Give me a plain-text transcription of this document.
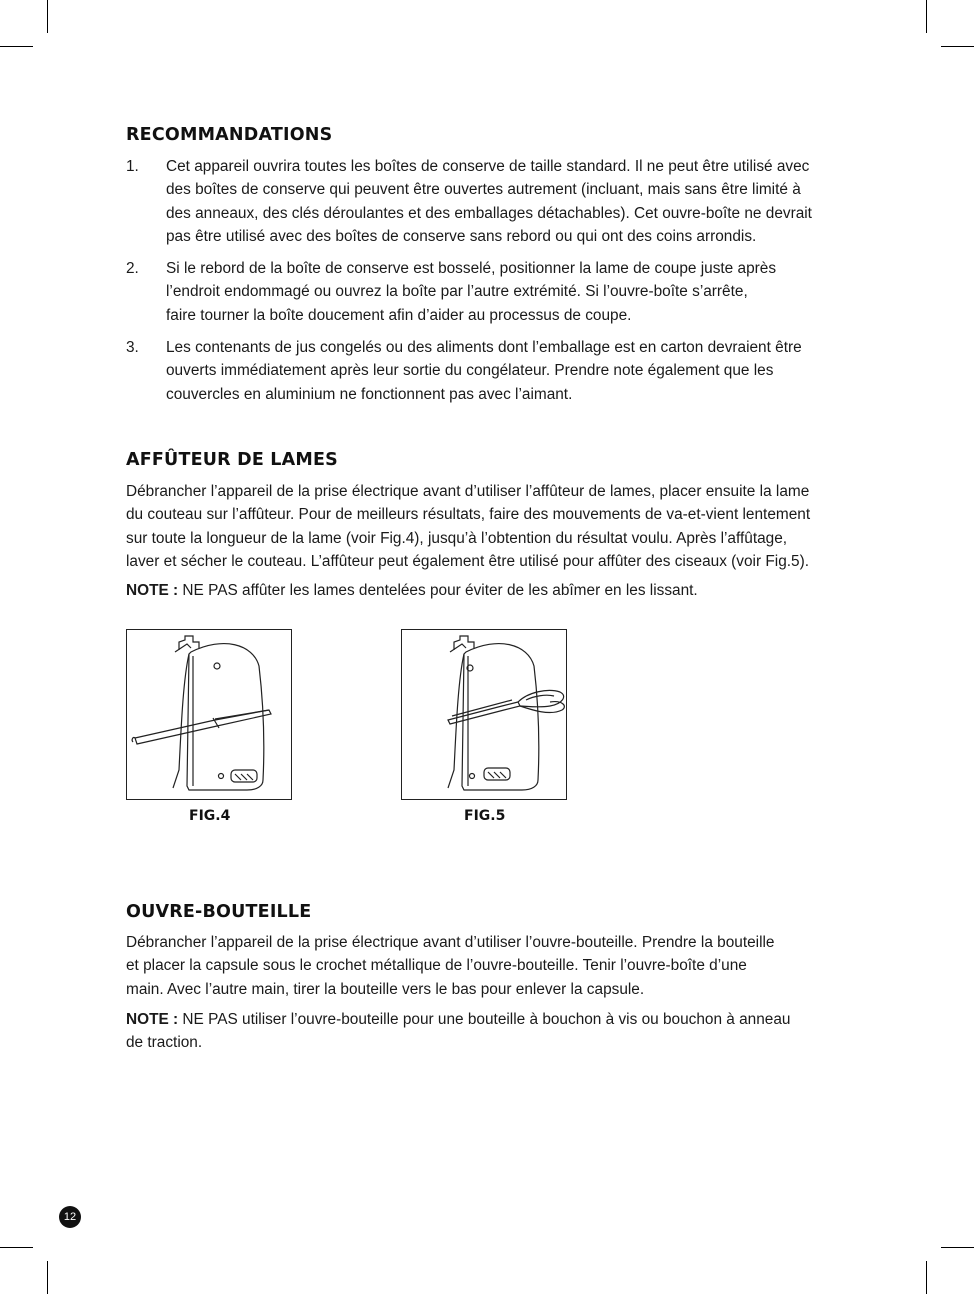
RECOMMANDATIONS
1. Cet appareil ouvrira toutes les boîtes de conserve de taille standard. Il ne peut être utilisé avec
des boîtes de conserve qui peuvent être ouvertes autrement (incluant, mais sans être limité à
des anneaux, des clés déroulantes et des emballages détachables). Cet ouvre-boîte ne devrait
pas être utilisé avec des boîtes de conserve sans rebord ou qui ont des coins arrondis.
2. Si le rebord de la boîte de conserve est bosselé, positionner la lame de coupe juste après
l’endroit endommagé ou ouvrez la boîte par l’autre extrémité. Si l’ouvre-boîte s’arrête,
faire tourner la boîte doucement afin d’aider au processus de coupe.
3. Les contenants de jus congelés ou des aliments dont l’emballage est en carton devraient être
ouverts immédiatement après leur sortie du congélateur. Prendre note également que les
couvercles en aluminium ne fonctionnent pas avec l’aimant.
AFFÛTEUR DE LAMES

Débrancher l’appareil de la prise électrique avant d’utiliser l’affûteur de lames, placer ensuite la lame
du couteau sur l’affûteur. Pour de meilleurs résultats, faire des mouvements de va-et-vient lentement
sur toute la longueur de la lame (voir Fig.4), jusqu’à l’obtention du résultat voulu. Après l’affûtage,
laver et sécher le couteau. L’affûteur peut également être utilisé pour affûter des ciseaux (voir Fig.5).

NOTE : NE PAS affûter les lames dentelées pour éviter de les abîmer en les lissant.

FIG.4	FIG.5

OUVRE-BOUTEILLE

Débrancher l’appareil de la prise électrique avant d’utiliser l’ouvre-bouteille. Prendre la bouteille
et placer la capsule sous le crochet métallique de l’ouvre-bouteille. Tenir l’ouvre-boîte d’une
main. Avec l’autre main, tirer la bouteille vers le bas pour enlever la capsule.

NOTE : NE PAS utiliser l’ouvre-bouteille pour une bouteille à bouchon à vis ou bouchon à anneau
de traction.

12
